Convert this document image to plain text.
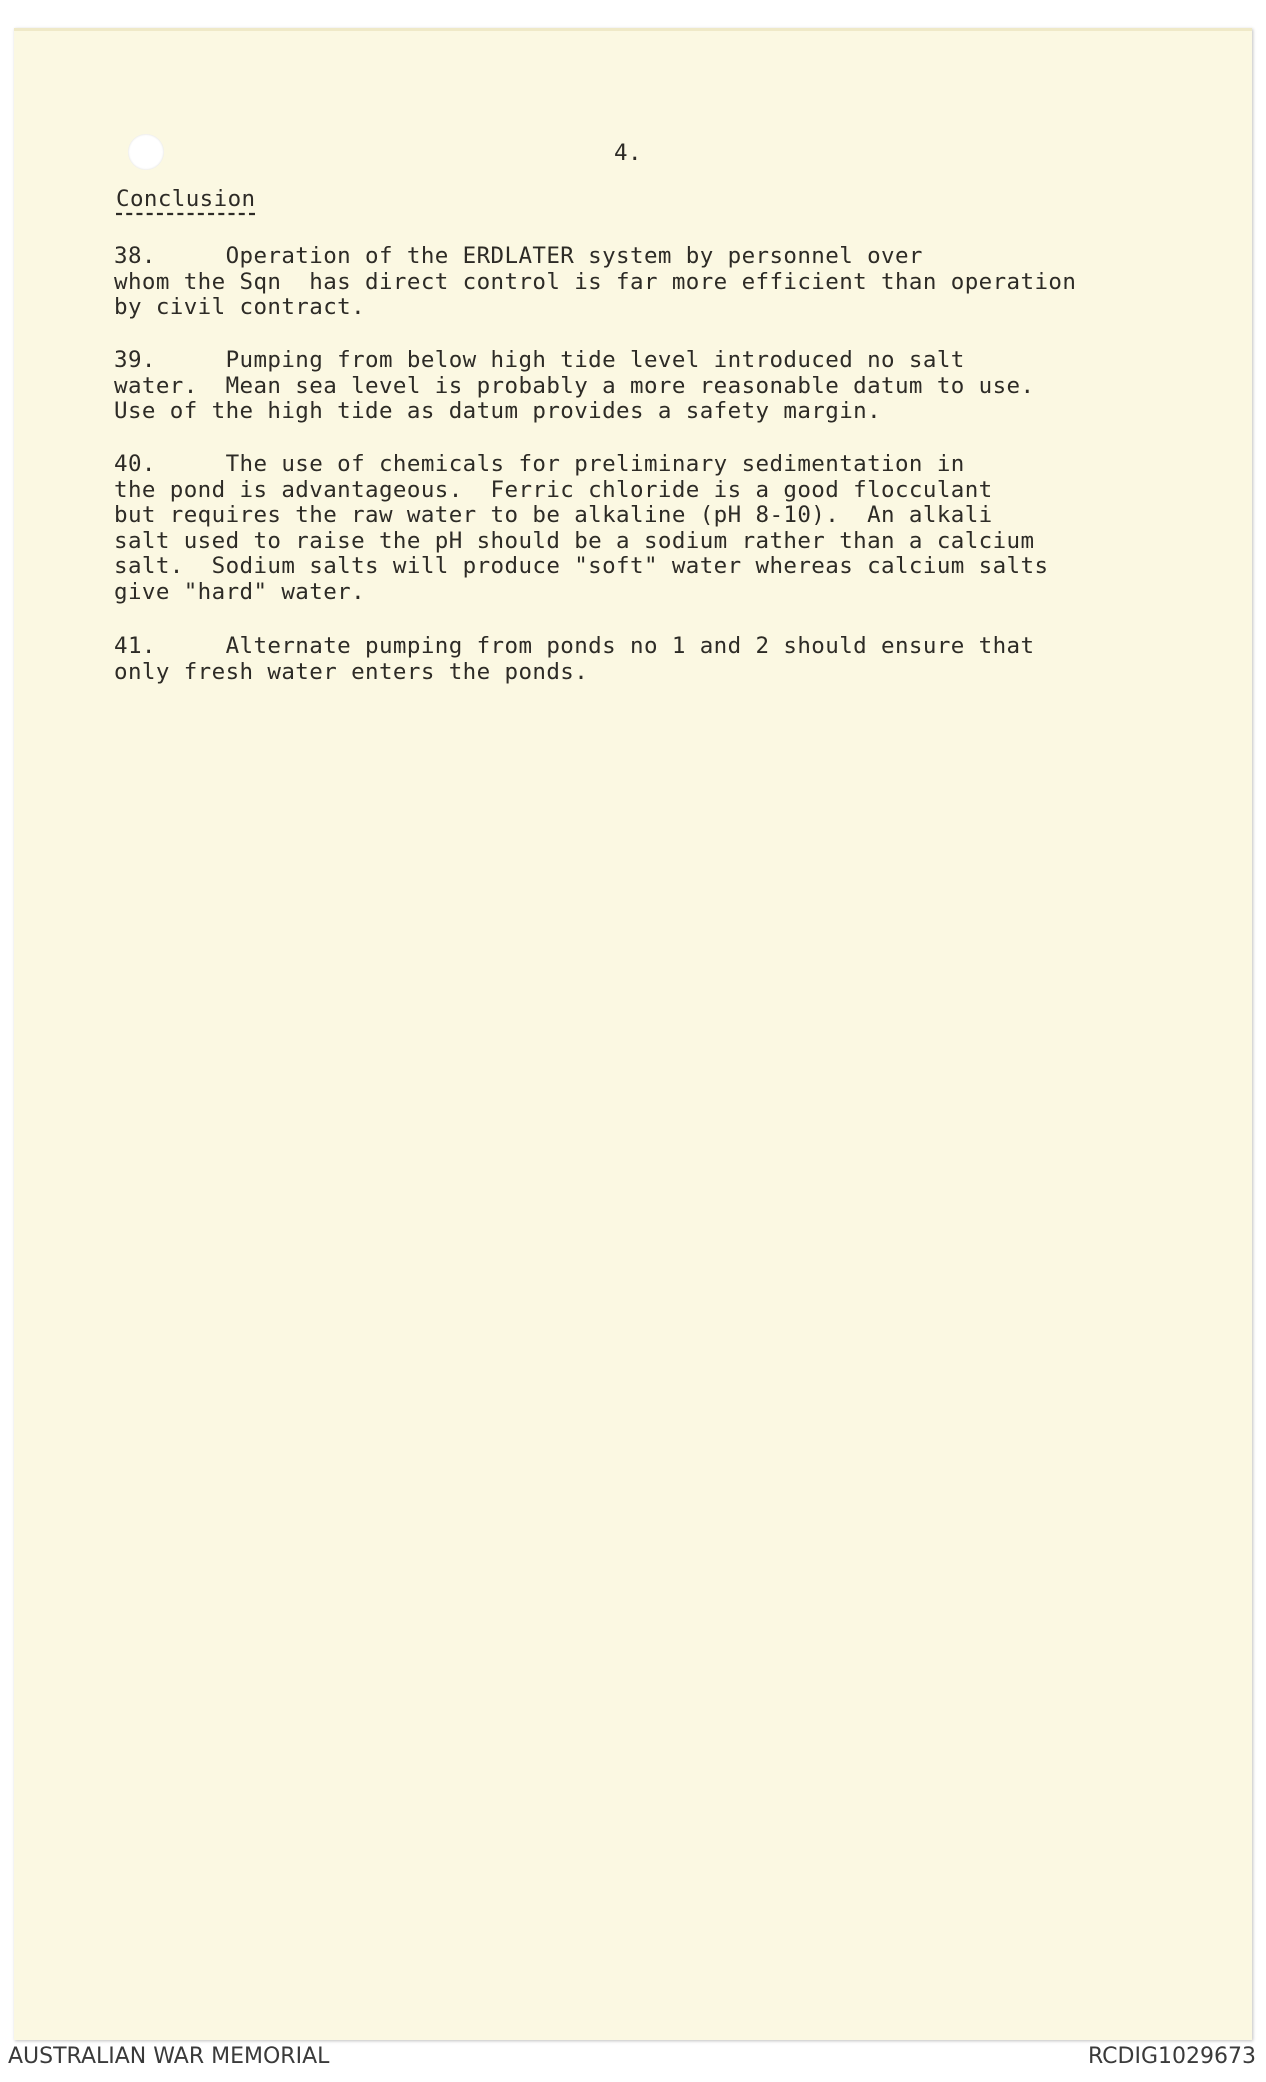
4.
Conclusion
38.     Operation of the ERDLATER system by personnel over
whom the Sqn  has direct control is far more efficient than operation
by civil contract.
39.     Pumping from below high tide level introduced no salt
water.  Mean sea level is probably a more reasonable datum to use.
Use of the high tide as datum provides a safety margin.
40.     The use of chemicals for preliminary sedimentation in
the pond is advantageous.  Ferric chloride is a good flocculant
but requires the raw water to be alkaline (pH 8-10).  An alkali
salt used to raise the pH should be a sodium rather than a calcium
salt.  Sodium salts will produce "soft" water whereas calcium salts
give "hard" water.
41.     Alternate pumping from ponds no 1 and 2 should ensure that
only fresh water enters the ponds.
AUSTRALIAN WAR MEMORIAL	RCDIG1029673
